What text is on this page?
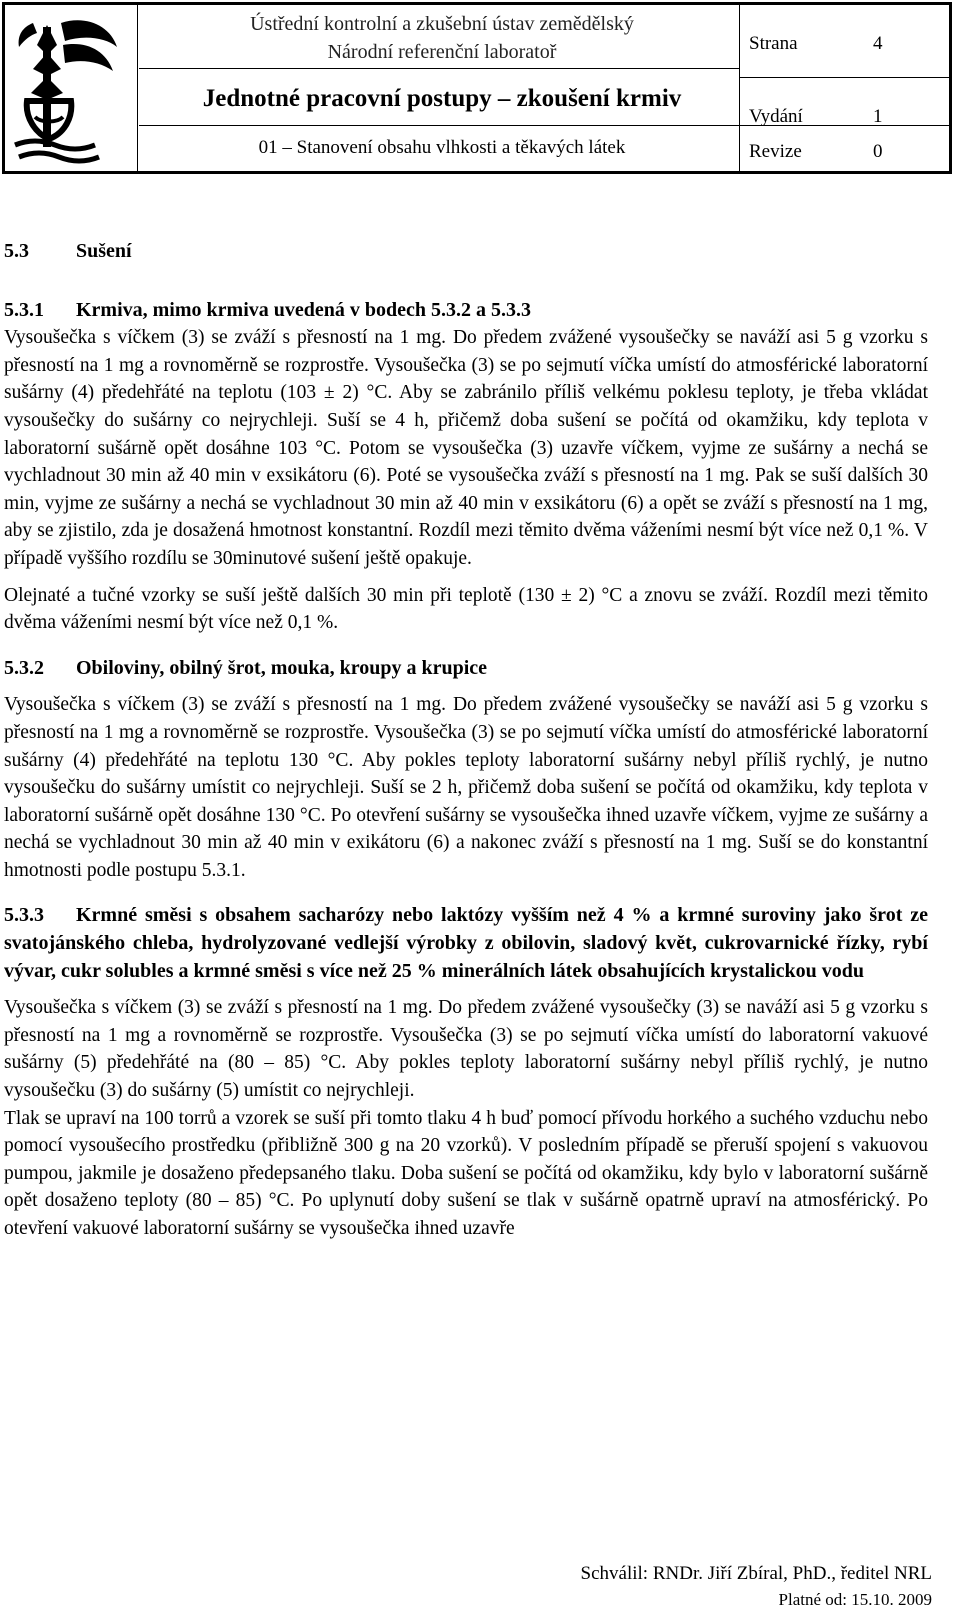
Ústřední kontrolní a zkušební ústav zemědělský
Národní referenční laboratoř
Jednotné pracovní postupy – zkoušení krmiv
01 – Stanovení obsahu vlhkosti a těkavých látek
Strana	4
Vydání	1
Revize	0

5.3 Sušení

5.3.1 Krmiva, mimo krmiva uvedená v bodech 5.3.2 a 5.3.3

Vysoušečka s víčkem (3) se zváží s přesností na 1 mg. Do předem zvážené vysoušečky se naváží asi 5 g vzorku s přesností na 1 mg a rovnoměrně se rozprostře. Vysoušečka (3) se po sejmutí víčka umístí do atmosférické laboratorní sušárny (4) předehřáté na teplotu (103 ± 2) °C. Aby se zabránilo příliš velkému poklesu teploty, je třeba vkládat vysoušečky do sušárny co nejrychleji. Suší se 4 h, přičemž doba sušení se počítá od okamžiku, kdy teplota v laboratorní sušárně opět dosáhne 103 °C. Potom se vysoušečka (3) uzavře víčkem, vyjme ze sušárny a nechá se vychladnout 30 min až 40 min v exsikátoru (6). Poté se vysoušečka zváží s přesností na 1 mg. Pak se suší dalších 30 min, vyjme ze sušárny a nechá se vychladnout 30 min až 40 min v exsikátoru (6) a opět se zváží s přesností na 1 mg, aby se zjistilo, zda je dosažená hmotnost konstantní. Rozdíl mezi těmito dvěma váženími nesmí být více než 0,1 %. V případě vyššího rozdílu se 30minutové sušení ještě opakuje.

Olejnaté a tučné vzorky se suší ještě dalších 30 min při teplotě (130 ± 2) °C a znovu se zváží. Rozdíl mezi těmito dvěma váženími nesmí být více než 0,1 %.

5.3.2 Obiloviny, obilný šrot, mouka, kroupy a krupice

Vysoušečka s víčkem (3) se zváží s přesností na 1 mg. Do předem zvážené vysoušečky se naváží asi 5 g vzorku s přesností na 1 mg a rovnoměrně se rozprostře. Vysoušečka (3) se po sejmutí víčka umístí do atmosférické laboratorní sušárny (4) předehřáté na teplotu 130 °C. Aby pokles teploty laboratorní sušárny nebyl příliš rychlý, je nutno vysoušečku do sušárny umístit co nejrychleji. Suší se 2 h, přičemž doba sušení se počítá od okamžiku, kdy teplota v laboratorní sušárně opět dosáhne 130 °C. Po otevření sušárny se vysoušečka ihned uzavře víčkem, vyjme ze sušárny a nechá se vychladnout 30 min až 40 min v exikátoru (6) a nakonec zváží s přesností na 1 mg. Suší se do konstantní hmotnosti podle postupu 5.3.1.

5.3.3 Krmné směsi s obsahem sacharózy nebo laktózy vyšším než 4 % a krmné suroviny jako šrot ze svatojánského chleba, hydrolyzované vedlejší výrobky z obilovin, sladový květ, cukrovarnické řízky, rybí vývar, cukr solubles a krmné směsi s více než 25 % minerálních látek obsahujících krystalickou vodu

Vysoušečka s víčkem (3) se zváží s přesností na 1 mg. Do předem zvážené vysoušečky (3) se naváží asi 5 g vzorku s přesností na 1 mg a rovnoměrně se rozprostře. Vysoušečka (3) se po sejmutí víčka umístí do laboratorní vakuové sušárny (5) předehřáté na (80 – 85) °C. Aby pokles teploty laboratorní sušárny nebyl příliš rychlý, je nutno vysoušečku (3) do sušárny (5) umístit co nejrychleji.

Tlak se upraví na 100 torrů a vzorek se suší při tomto tlaku 4 h buď pomocí přívodu horkého a suchého vzduchu nebo pomocí vysoušecího prostředku (přibližně 300 g na 20 vzorků). V posledním případě se přeruší spojení s vakuovou pumpou, jakmile je dosaženo předepsaného tlaku. Doba sušení se počítá od okamžiku, kdy bylo v laboratorní sušárně opět dosaženo teploty (80 – 85) °C. Po uplynutí doby sušení se tlak v sušárně opatrně upraví na atmosférický. Po otevření vakuové laboratorní sušárny se vysoušečka ihned uzavře

Schválil: RNDr. Jiří Zbíral, PhD., ředitel NRL
Platné od: 15.10. 2009
